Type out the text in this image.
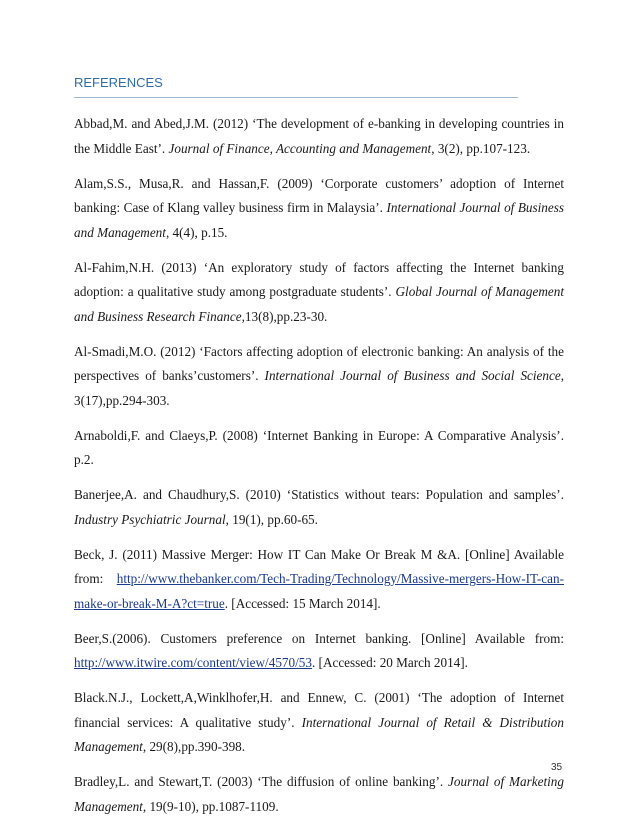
REFERENCES

Abbad,M. and Abed,J.M. (2012) ‘The development of e-banking in developing countries in the Middle East’. Journal of Finance, Accounting and Management, 3(2), pp.107-123.

Alam,S.S., Musa,R. and Hassan,F. (2009) ‘Corporate customers’ adoption of Internet banking: Case of Klang valley business firm in Malaysia’. International Journal of Business and Management, 4(4), p.15.

Al-Fahim,N.H. (2013) ‘An exploratory study of factors affecting the Internet banking adoption: a qualitative study among postgraduate students’. Global Journal of Management and Business Research Finance,13(8),pp.23-30.

Al-Smadi,M.O. (2012) ‘Factors affecting adoption of electronic banking: An analysis of the perspectives of banks’customers’. International Journal of Business and Social Science, 3(17),pp.294-303.

Arnaboldi,F. and Claeys,P. (2008) ‘Internet Banking in Europe: A Comparative Analysis’. p.2.

Banerjee,A. and Chaudhury,S. (2010) ‘Statistics without tears: Population and samples’. Industry Psychiatric Journal, 19(1), pp.60-65.

Beck, J. (2011) Massive Merger: How IT Can Make Or Break M &A. [Online] Available from: http://www.thebanker.com/Tech-Trading/Technology/Massive-mergers-How-IT-can-make-or-break-M-A?ct=true. [Accessed: 15 March 2014].

Beer,S.(2006). Customers preference on Internet banking. [Online] Available from: http://www.itwire.com/content/view/4570/53. [Accessed: 20 March 2014].

Black.N.J., Lockett,A,Winklhofer,H. and Ennew, C. (2001) ‘The adoption of Internet financial services: A qualitative study’. International Journal of Retail & Distribution Management, 29(8),pp.390-398.

Bradley,L. and Stewart,T. (2003) ‘The diffusion of online banking’. Journal of Marketing Management, 19(9-10), pp.1087-1109.

35
